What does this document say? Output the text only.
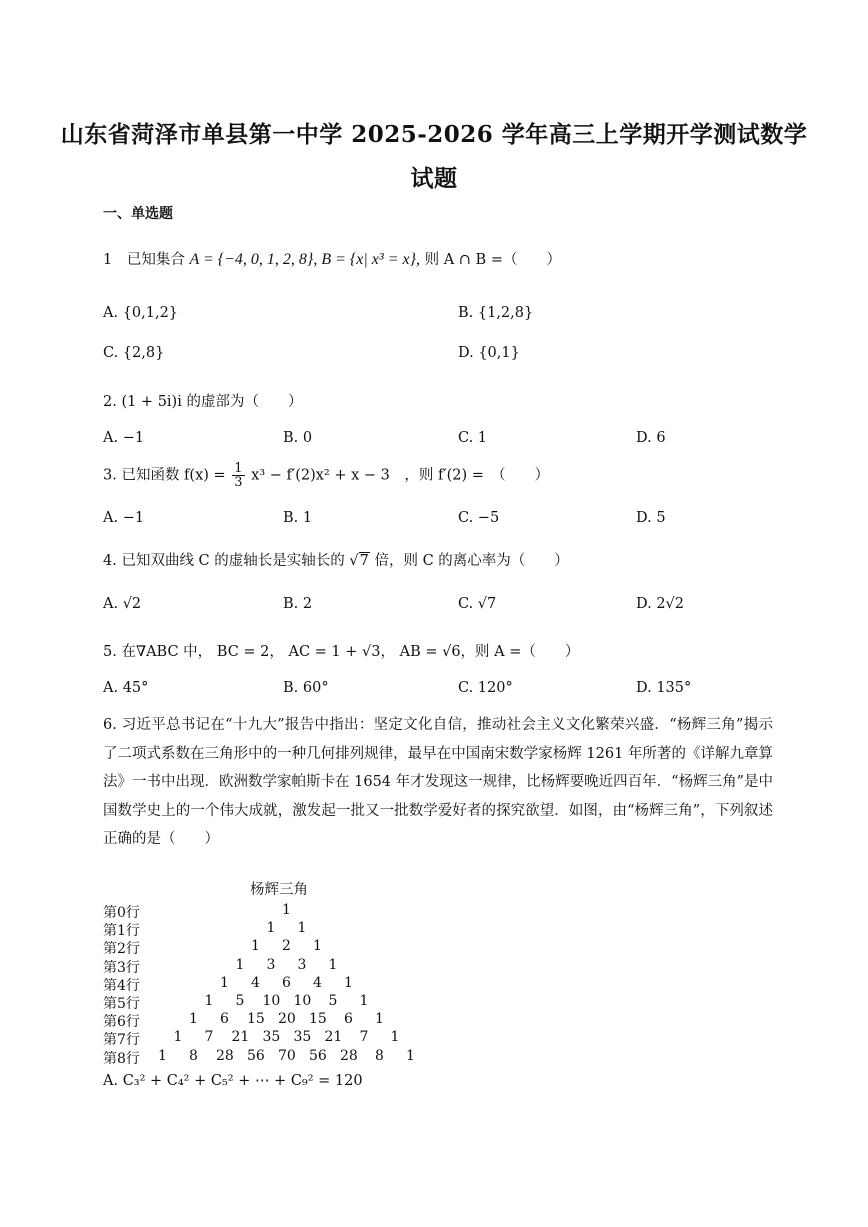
山东省菏泽市单县第一中学 2025-2026 学年高三上学期开学测试数学
试题
一、单选题
1 已知集合 A = {−4, 0, 1, 2, 8}, B = {x| x³ = x}, 则 A ∩ B =（　　）
A. {0,1,2}	B. {1,2,8}
C. {2,8}	D. {0,1}
2. (1 + 5i)i 的虚部为（　　）
A. −1	B. 0	C. 1	D. 6
3. 已知函数 $f(x) = \frac{1}{3} x^3 - f'(2)x^2 + x - 3$　，则 f′(2) =　（　　）
A. −1	B. 1	C. −5	D. 5
4. 已知双曲线 C 的虚轴长是实轴长的 √7 倍，则 C 的离心率为（　　）
A. √2	B. 2	C. √7	D. 2√2
5. 在∇ABC 中， BC = 2， AC = 1 + √3， AB = √6，则 A =（　　）
A. 45°	B. 60°	C. 120°	D. 135°
6. 习近平总书记在“十九大”报告中指出：坚定文化自信，推动社会主义文化繁荣兴盛．“杨辉三角”揭示了二项式系数在三角形中的一种几何排列规律，最早在中国南宋数学家杨辉 1261 年所著的《详解九章算法》一书中出现．欧洲数学家帕斯卡在 1654 年才发现这一规律，比杨辉要晚近四百年．“杨辉三角”是中国数学史上的一个伟大成就，激发起一批又一批数学爱好者的探究欲望．如图，由“杨辉三角”，下列叙述正确的是（　　）
杨辉三角
第0行	1
第1行	1 1
第2行	1 2 1
第3行	1 3 3 1
第4行	1 4 6 4 1
第5行	1 5 10 10 5 1
第6行	1 6 15 20 15 6 1
第7行 1 7 21 35 35 21 7 1
第8行 1 8 28 56 70 56 28 8 1
A. C₃² + C₄² + C₅² + ⋯ + C₉² = 120
